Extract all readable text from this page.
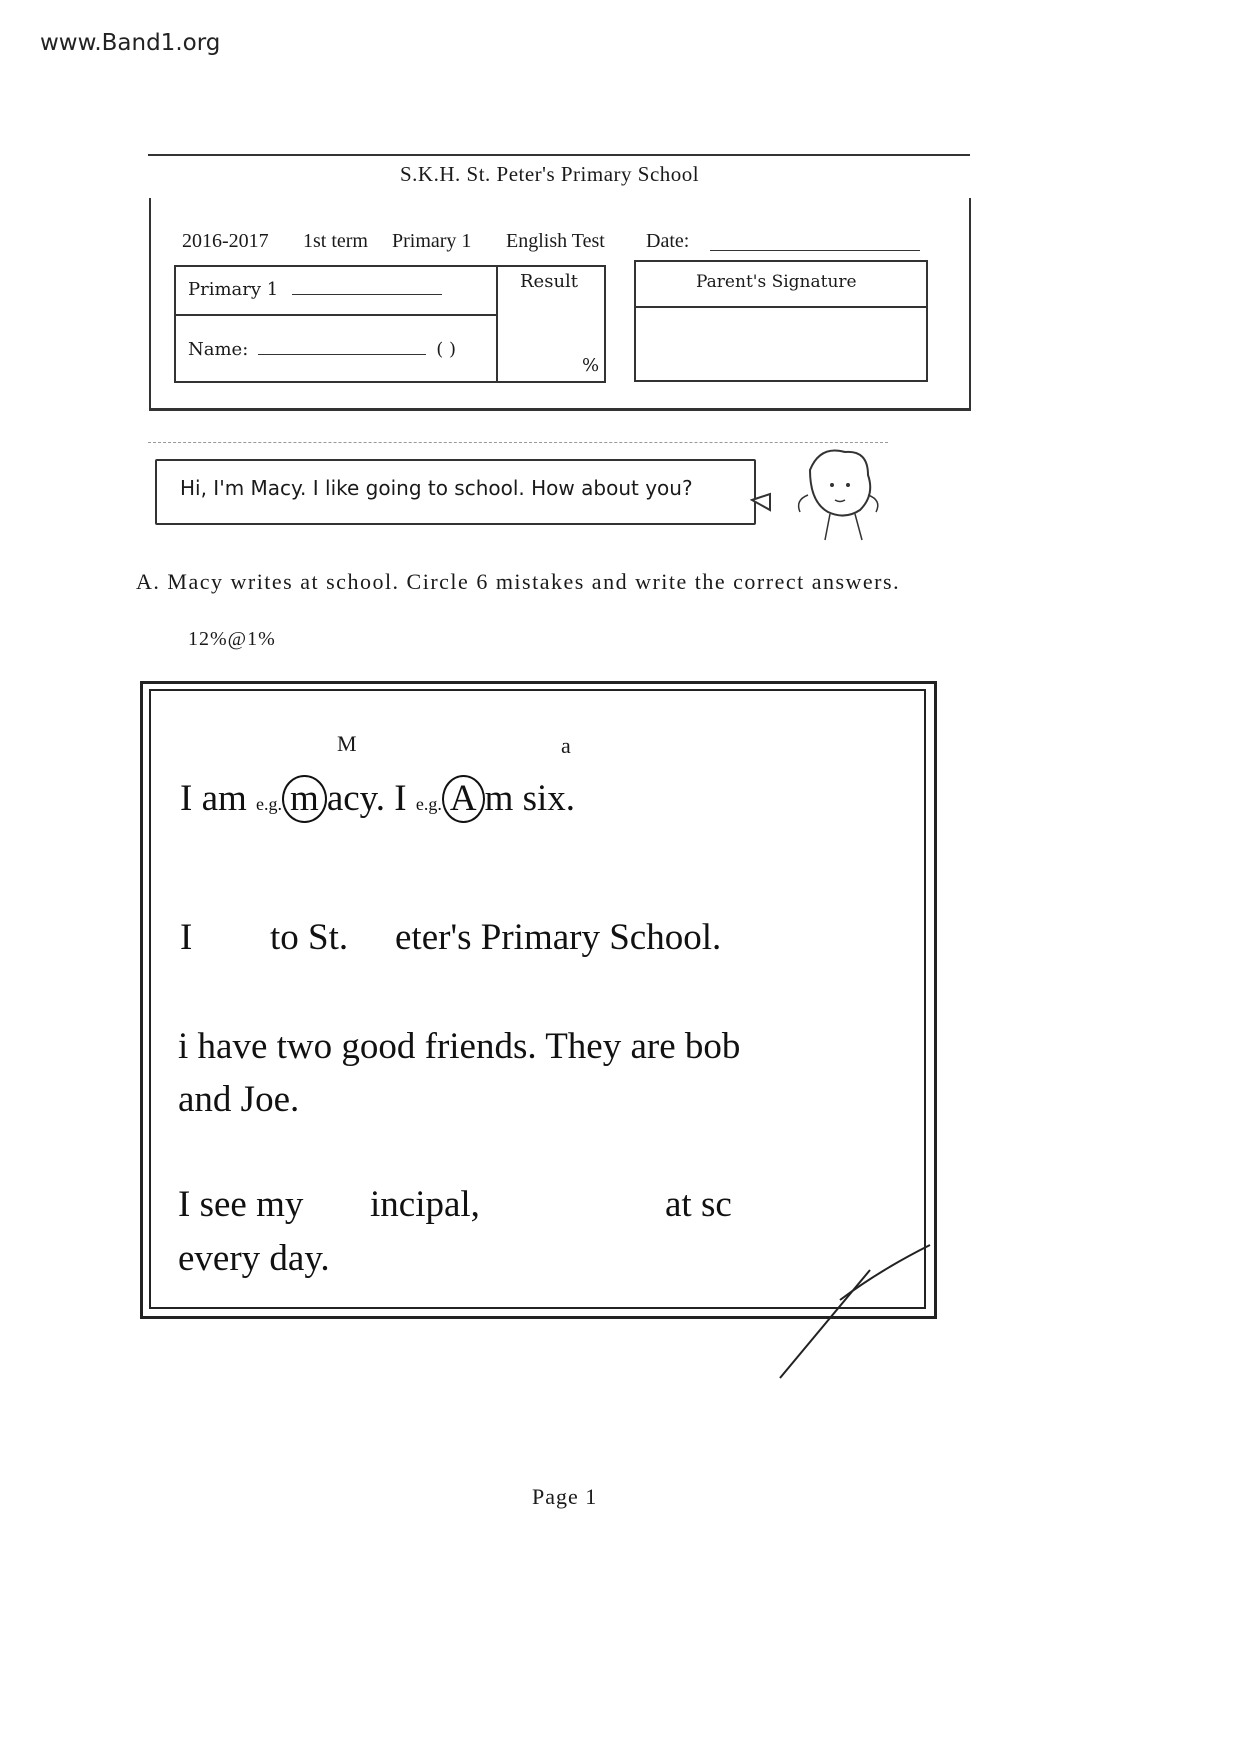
www.Band1.org
S.K.H. St. Peter's Primary School
2016-2017 1st term Primary 1 English Test Date:
Primary 1
Name:	( )
Result
%
Parent's Signature
Hi, I'm Macy. I like going to school. How about you?
A. Macy writes at school. Circle 6 mistakes and write the correct answers.
12%@1%
M	a
I am e.g. m acy. I e.g. A m six.
I to St. eter's Primary School.
i have two good friends. They are bob
and Joe.
I see my incipal,	at sc
every day.
Page 1
